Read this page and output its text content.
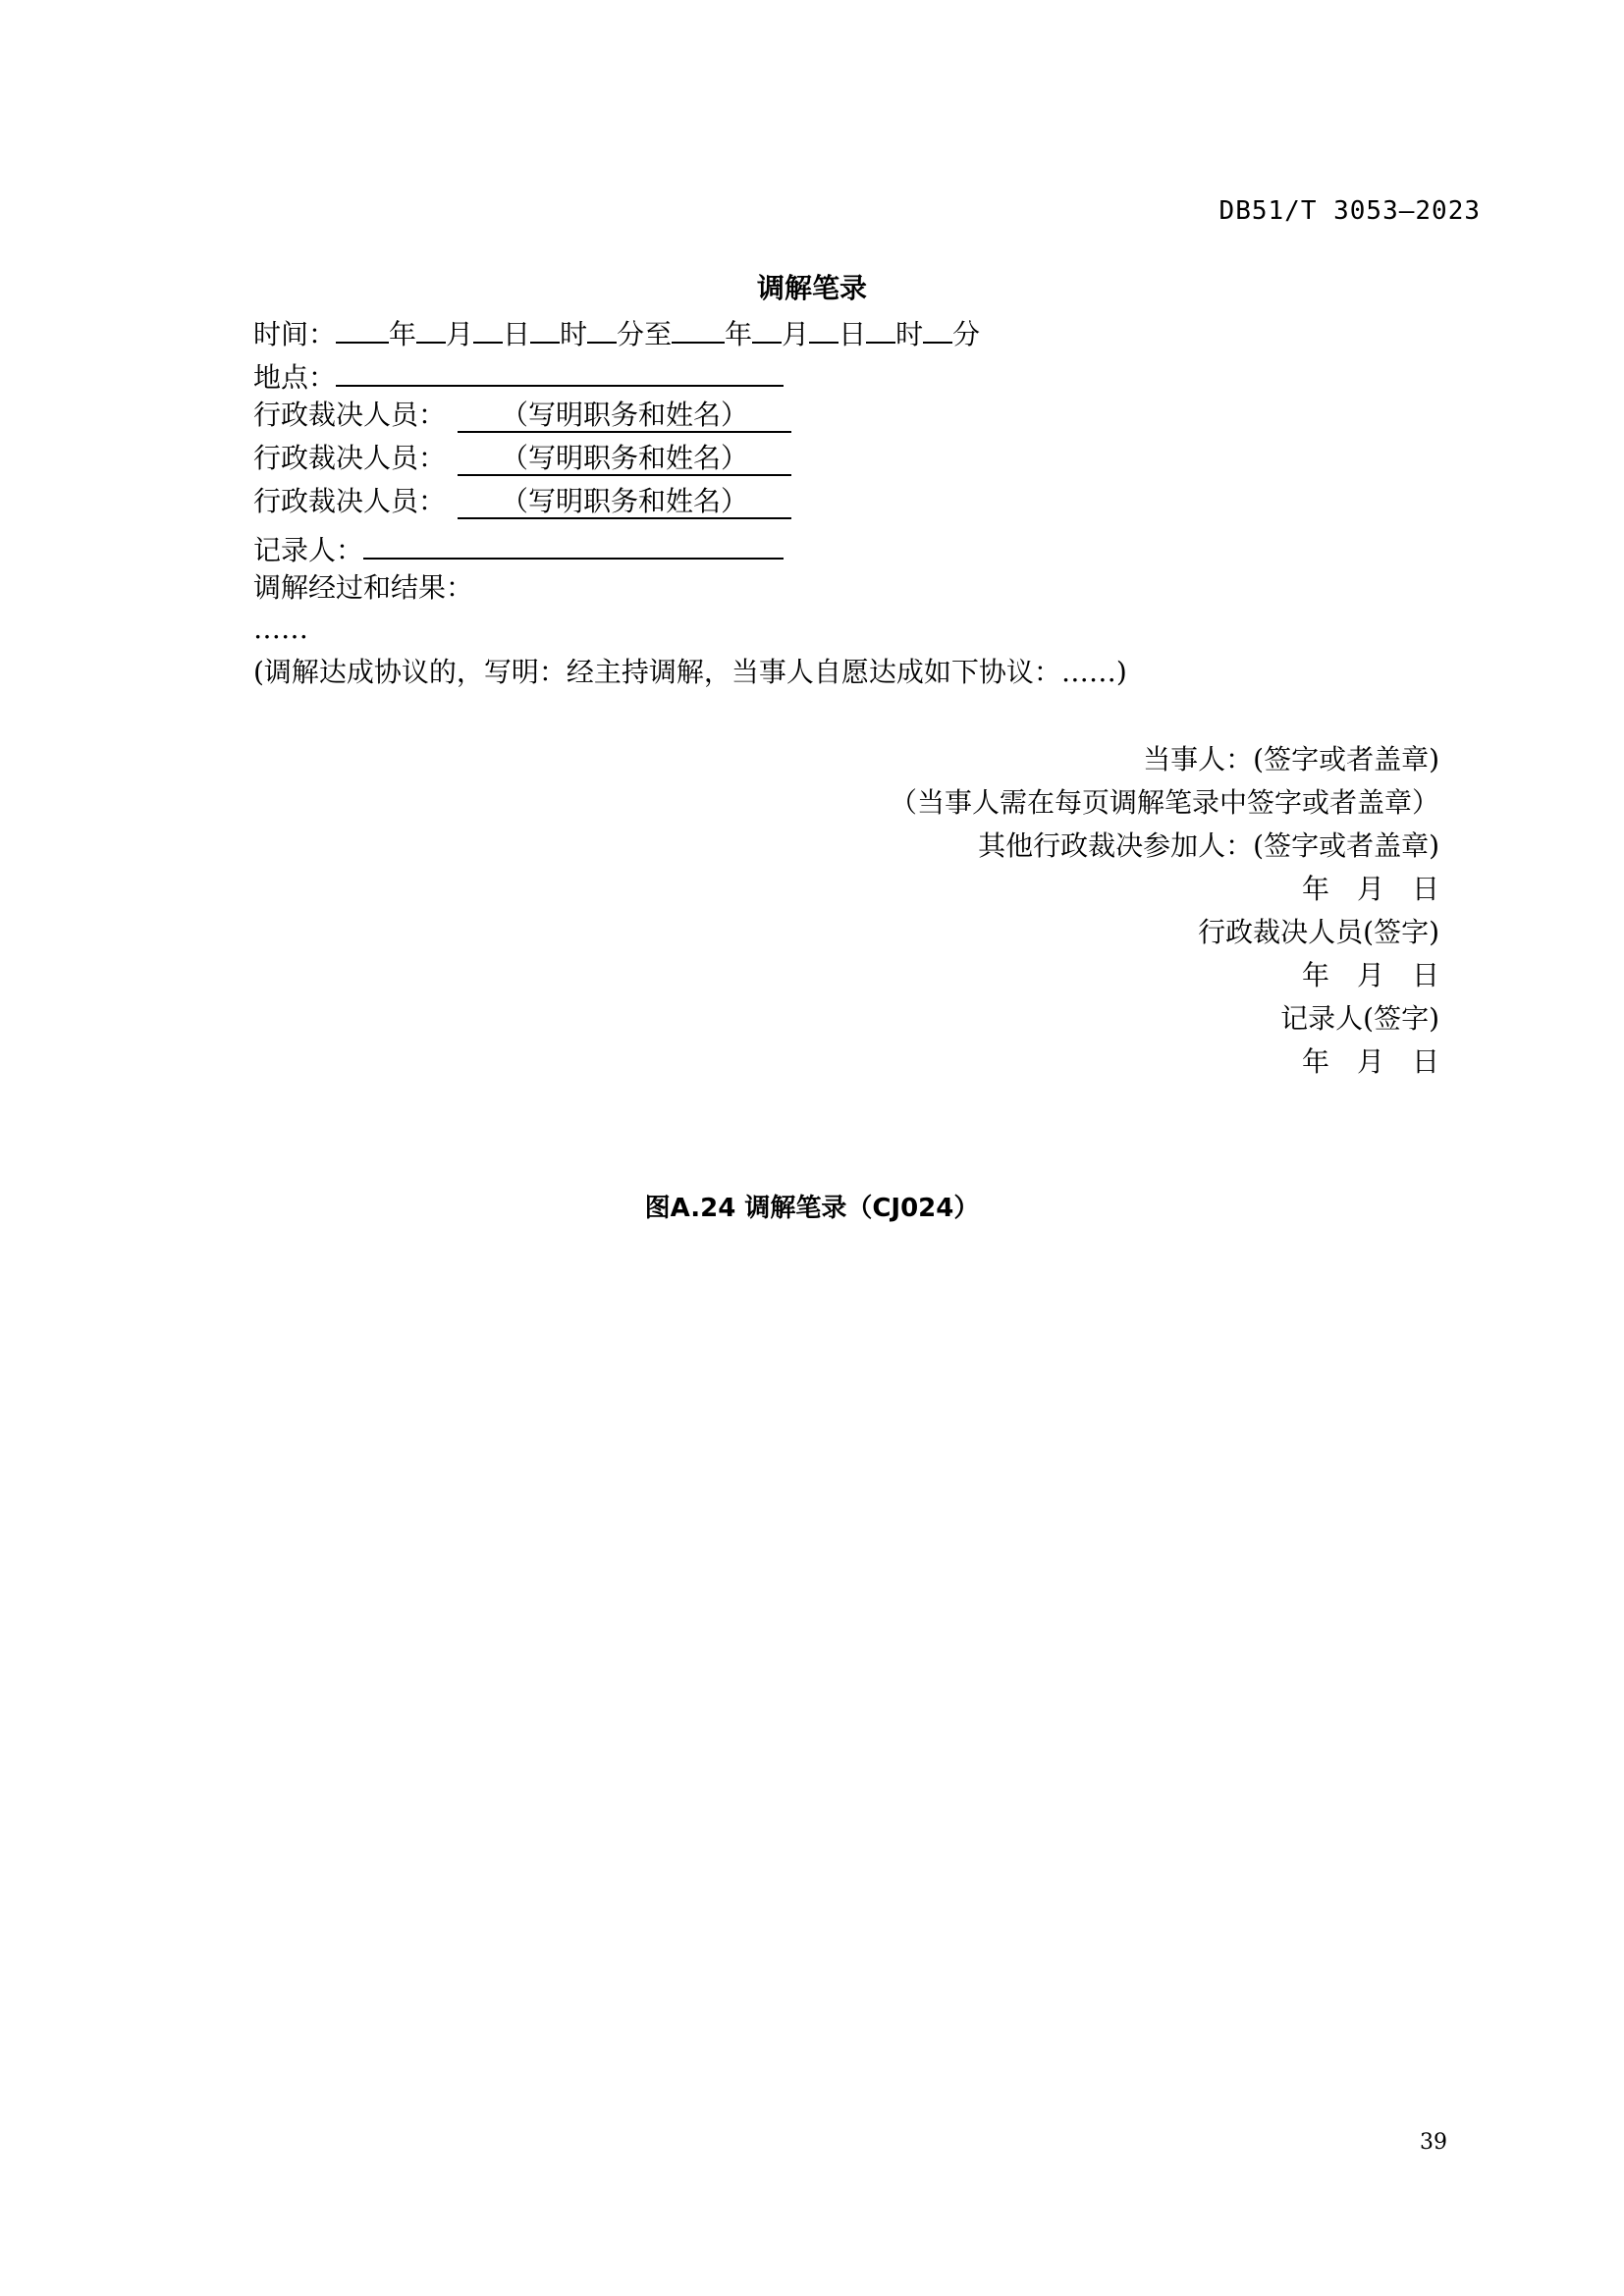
DB51/T 3053—2023
调解笔录
时间： 年 月 日 时 分至 年 月 日 时 分
地点：
行政裁决人员： （写明职务和姓名）
行政裁决人员： （写明职务和姓名）
行政裁决人员： （写明职务和姓名）
记录人：
调解经过和结果：
……
(调解达成协议的，写明：经主持调解，当事人自愿达成如下协议：……)
当事人：(签字或者盖章)
（当事人需在每页调解笔录中签字或者盖章）
其他行政裁决参加人：(签字或者盖章)
年 月 日
行政裁决人员(签字)
年 月 日
记录人(签字)
年 月 日
图A.24 调解笔录（CJ024）
39
